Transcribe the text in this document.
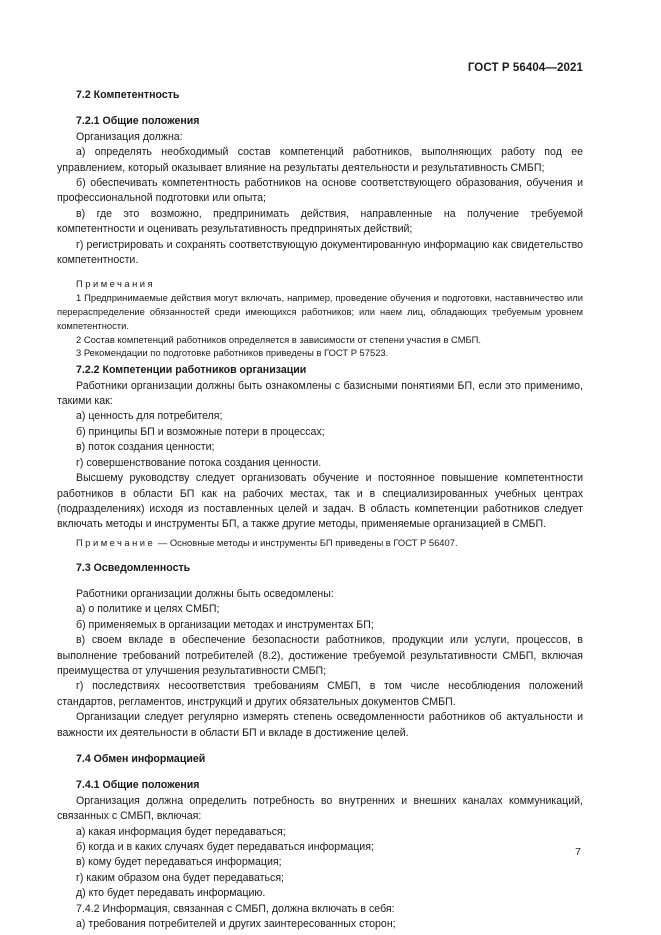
ГОСТ Р 56404—2021

7.2 Компетентность

7.2.1 Общие положения

Организация должна:

а) определять необходимый состав компетенций работников, выполняющих работу под ее управлением, который оказывает влияние на результаты деятельности и результативность СМБП;

б) обеспечивать компетентность работников на основе соответствующего образования, обучения и профессиональной подготовки или опыта;

в) где это возможно, предпринимать действия, направленные на получение требуемой компетентности и оценивать результативность предпринятых действий;

г) регистрировать и сохранять соответствующую документированную информацию как свидетельство компетентности.

Примечания

1 Предпринимаемые действия могут включать, например, проведение обучения и подготовки, наставничество или перераспределение обязанностей среди имеющихся работников; или наем лиц, обладающих требуемым уровнем компетентности.

2 Состав компетенций работников определяется в зависимости от степени участия в СМБП.

3 Рекомендации по подготовке работников приведены в ГОСТ Р 57523.

7.2.2 Компетенции работников организации

Работники организации должны быть ознакомлены с базисными понятиями БП, если это применимо, такими как:

а) ценность для потребителя;

б) принципы БП и возможные потери в процессах;

в) поток создания ценности;

г) совершенствование потока создания ценности.

Высшему руководству следует организовать обучение и постоянное повышение компетентности работников в области БП как на рабочих местах, так и в специализированных учебных центрах (подразделениях) исходя из поставленных целей и задач. В область компетенции работников следует включать методы и инструменты БП, а также другие методы, применяемые организацией в СМБП.

Примечание — Основные методы и инструменты БП приведены в ГОСТ Р 56407.

7.3 Осведомленность

Работники организации должны быть осведомлены:

а) о политике и целях СМБП;

б) применяемых в организации методах и инструментах БП;

в) своем вкладе в обеспечение безопасности работников, продукции или услуги, процессов, в выполнение требований потребителей (8.2), достижение требуемой результативности СМБП, включая преимущества от улучшения результативности СМБП;

г) последствиях несоответствия требованиям СМБП, в том числе несоблюдения положений стандартов, регламентов, инструкций и других обязательных документов СМБП.

Организации следует регулярно измерять степень осведомленности работников об актуальности и важности их деятельности в области БП и вкладе в достижение целей.

7.4 Обмен информацией

7.4.1 Общие положения

Организация должна определить потребность во внутренних и внешних каналах коммуникаций, связанных с СМБП, включая:

а) какая информация будет передаваться;

б) когда и в каких случаях будет передаваться информация;

в) кому будет передаваться информация;

г) каким образом она будет передаваться;

д) кто будет передавать информацию.

7.4.2 Информация, связанная с СМБП, должна включать в себя:

а) требования потребителей и других заинтересованных сторон;

7
